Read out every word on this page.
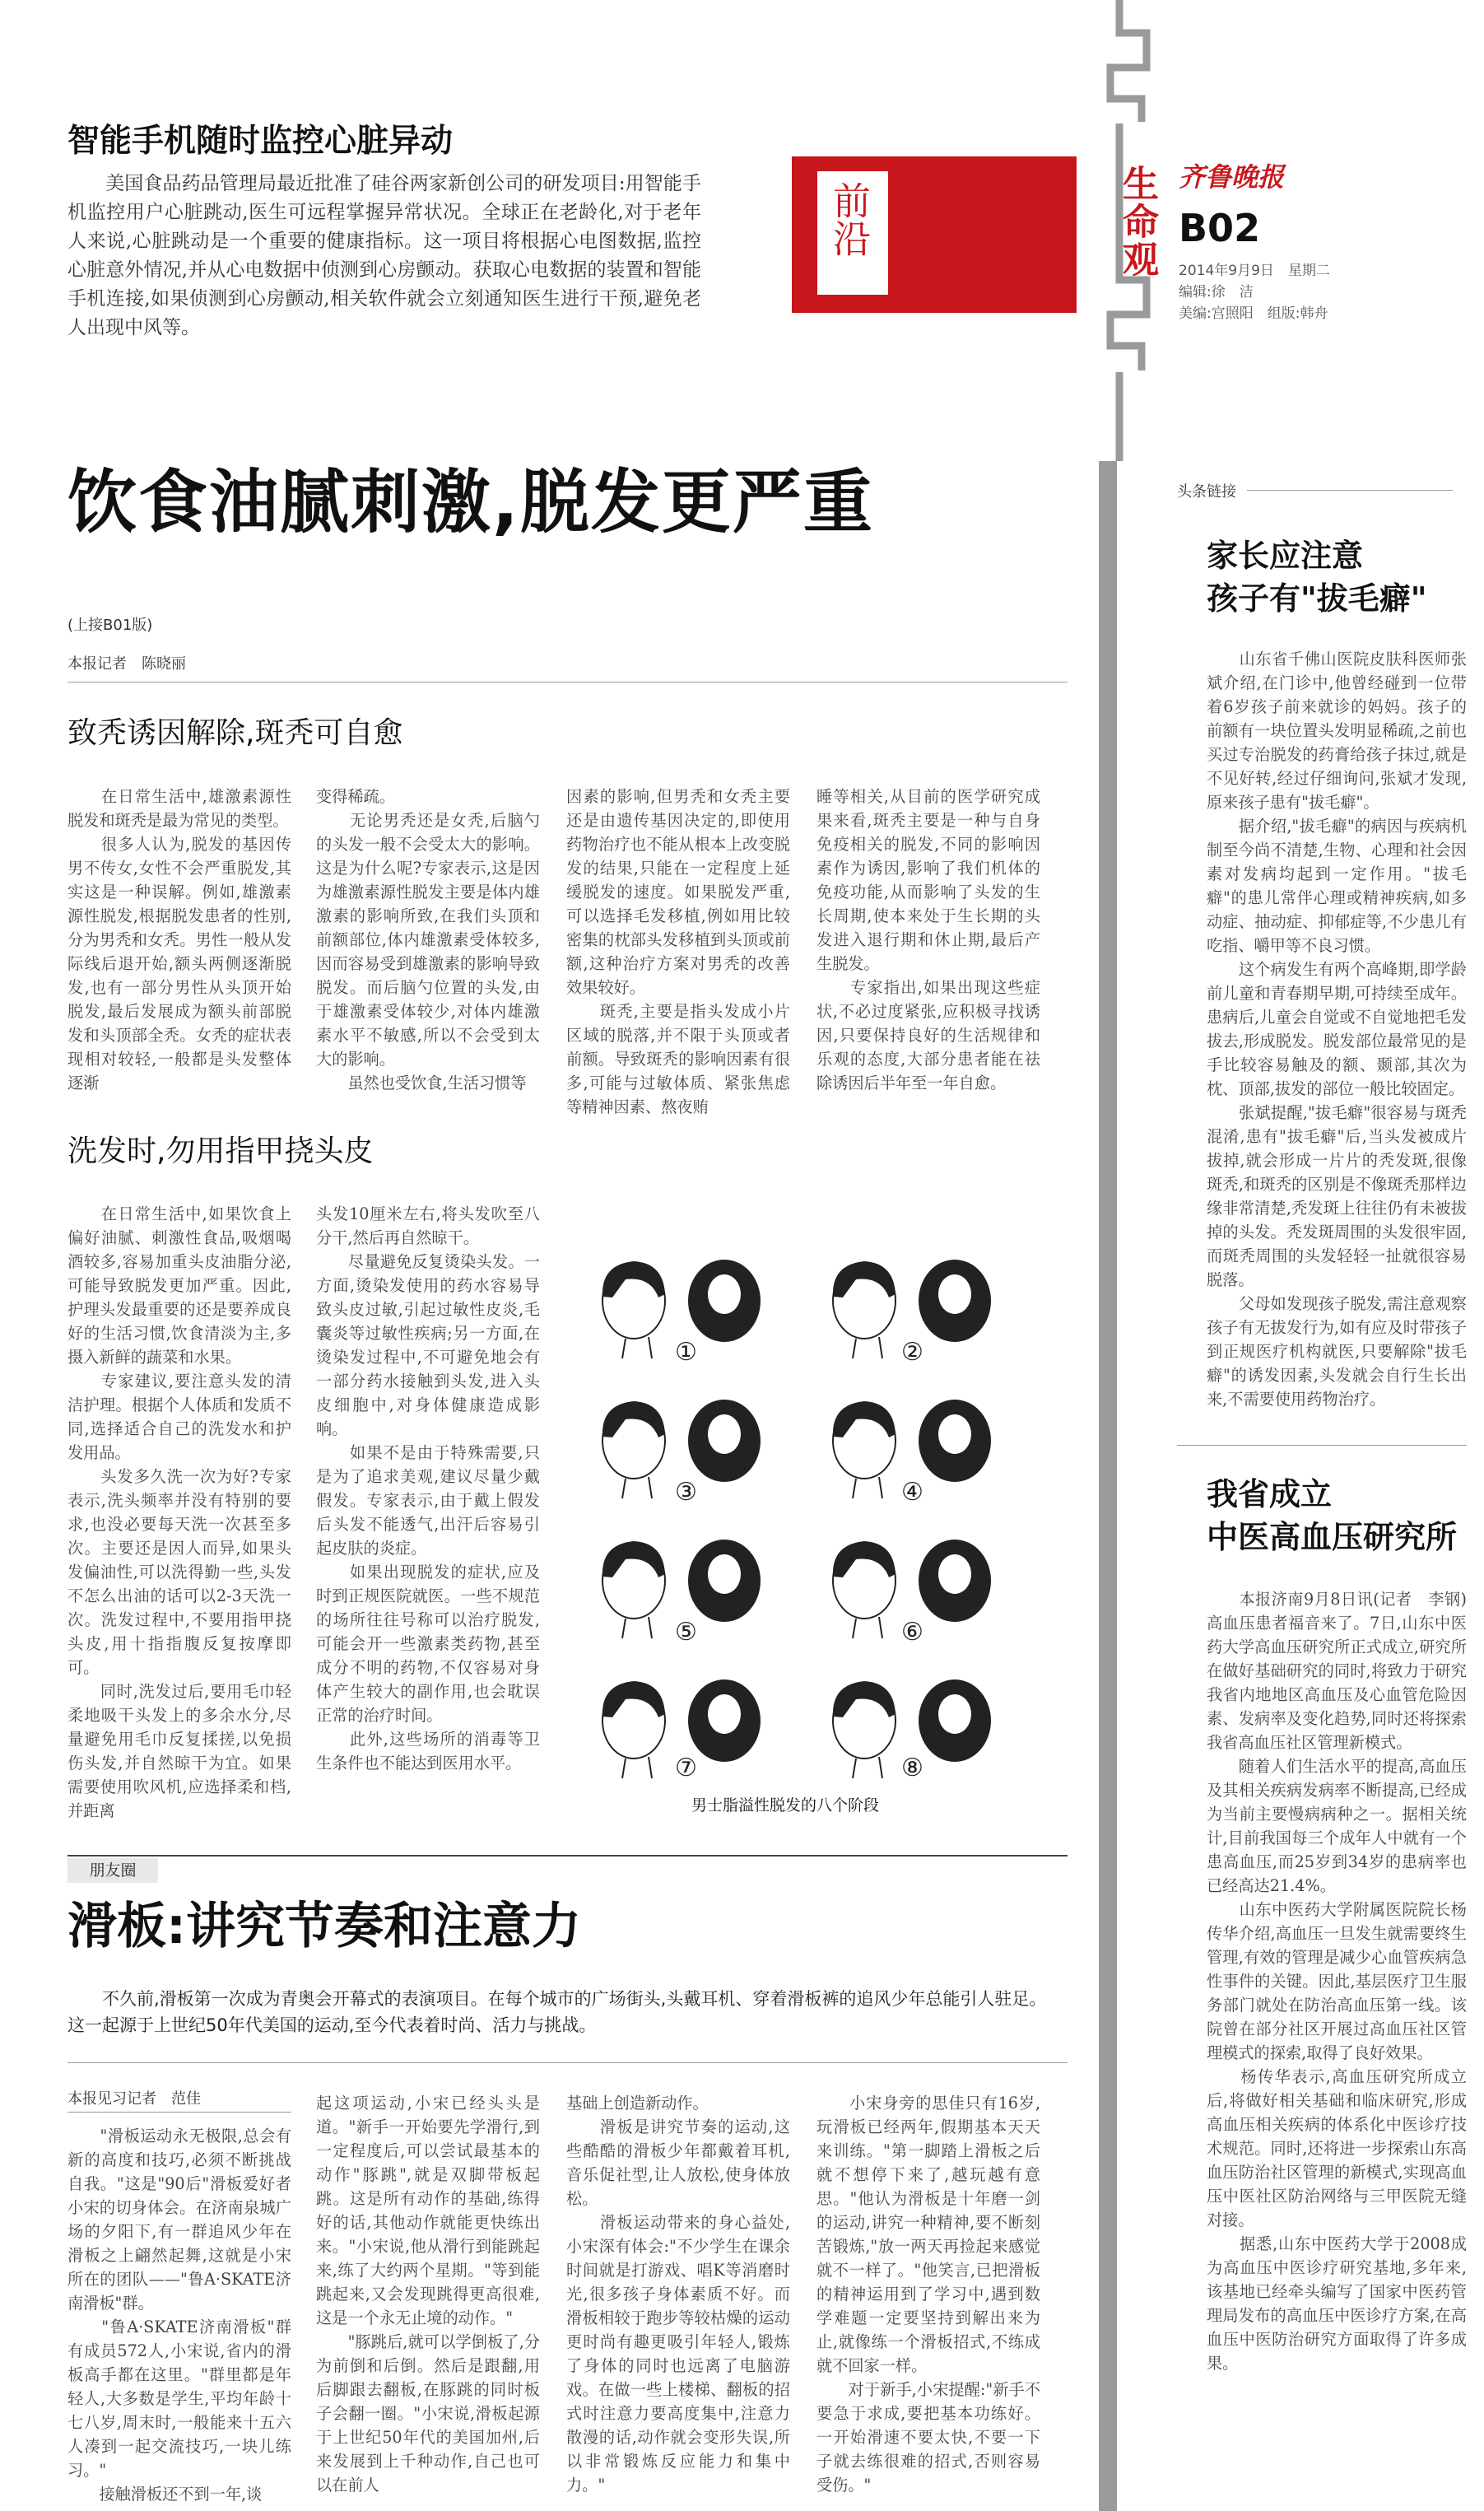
生命观 齐鲁晚报
B02
2014年9月9日　星期二
编辑:徐　洁
美编:宫照阳　组版:韩舟
智能手机随时监控心脏异动

　　美国食品药品管理局最近批准了硅谷两家新创公司的研发项目:用智能手机监控用户心脏跳动,医生可远程掌握异常状况。全球正在老龄化,对于老年人来说,心脏跳动是一个重要的健康指标。这一项目将根据心电图数据,监控心脏意外情况,并从心电数据中侦测到心房颤动。获取心电数据的装置和智能手机连接,如果侦测到心房颤动,相关软件就会立刻通知医生进行干预,避免老人出现中风等。

前沿
饮食油腻刺激,脱发更严重
(上接B01版)
本报记者　陈晓丽
致秃诱因解除,斑秃可自愈

　　在日常生活中,雄激素源性脱发和斑秃是最为常见的类型。
　　很多人认为,脱发的基因传男不传女,女性不会严重脱发,其实这是一种误解。例如,雄激素源性脱发,根据脱发患者的性别,分为男秃和女秃。男性一般从发际线后退开始,额头两侧逐渐脱发,也有一部分男性从头顶开始脱发,最后发展成为额头前部脱发和头顶部全秃。女秃的症状表现相对较轻,一般都是头发整体逐渐

变得稀疏。
　　无论男秃还是女秃,后脑勺的头发一般不会受太大的影响。这是为什么呢?专家表示,这是因为雄激素源性脱发主要是体内雄激素的影响所致,在我们头顶和前额部位,体内雄激素受体较多,因而容易受到雄激素的影响导致脱发。而后脑勺位置的头发,由于雄激素受体较少,对体内雄激素水平不敏感,所以不会受到太大的影响。
　　虽然也受饮食,生活习惯等

因素的影响,但男秃和女秃主要还是由遗传基因决定的,即使用药物治疗也不能从根本上改变脱发的结果,只能在一定程度上延缓脱发的速度。如果脱发严重,可以选择毛发移植,例如用比较密集的枕部头发移植到头顶或前额,这种治疗方案对男秃的改善效果较好。
　　斑秃,主要是指头发成小片区域的脱落,并不限于头顶或者前额。导致斑秃的影响因素有很多,可能与过敏体质、紧张焦虑等精神因素、熬夜贿

睡等相关,从目前的医学研究成果来看,斑秃主要是一种与自身免疫相关的脱发,不同的影响因素作为诱因,影响了我们机体的免疫功能,从而影响了头发的生长周期,使本来处于生长期的头发进入退行期和休止期,最后产生脱发。
　　专家指出,如果出现这些症状,不必过度紧张,应积极寻找诱因,只要保持良好的生活规律和乐观的态度,大部分患者能在祛除诱因后半年至一年自愈。

洗发时,勿用指甲挠头皮

　　在日常生活中,如果饮食上偏好油腻、刺激性食品,吸烟喝酒较多,容易加重头皮油脂分泌,可能导致脱发更加严重。因此,护理头发最重要的还是要养成良好的生活习惯,饮食清淡为主,多摄入新鲜的蔬菜和水果。
　　专家建议,要注意头发的清洁护理。根据个人体质和发质不同,选择适合自己的洗发水和护发用品。
　　头发多久洗一次为好?专家表示,洗头频率并没有特别的要求,也没必要每天洗一次甚至多次。主要还是因人而异,如果头发偏油性,可以洗得勤一些,头发不怎么出油的话可以2-3天洗一次。洗发过程中,不要用指甲挠头皮,用十指指腹反复按摩即可。
　　同时,洗发过后,要用毛巾轻柔地吸干头发上的多余水分,尽量避免用毛巾反复揉搓,以免损伤头发,并自然晾干为宜。如果需要使用吹风机,应选择柔和档,并距离

头发10厘米左右,将头发吹至八分干,然后再自然晾干。
　　尽量避免反复烫染头发。一方面,烫染发使用的药水容易导致头皮过敏,引起过敏性皮炎,毛囊炎等过敏性疾病;另一方面,在烫染发过程中,不可避免地会有一部分药水接触到头发,进入头皮细胞中,对身体健康造成影响。
　　如果不是由于特殊需要,只是为了追求美观,建议尽量少戴假发。专家表示,由于戴上假发后头发不能透气,出汗后容易引起皮肤的炎症。
　　如果出现脱发的症状,应及时到正规医院就医。一些不规范的场所往往号称可以治疗脱发,可能会开一些激素类药物,甚至成分不明的药物,不仅容易对身体产生较大的副作用,也会耽误正常的治疗时间。
　　此外,这些场所的消毒等卫生条件也不能达到医用水平。

①	②
③	④
⑤	⑥
⑦	⑧
男士脂溢性脱发的八个阶段
朋友圈
滑板:讲究节奏和注意力

　　不久前,滑板第一次成为青奥会开幕式的表演项目。在每个城市的广场街头,头戴耳机、穿着滑板裤的追风少年总能引人驻足。这一起源于上世纪50年代美国的运动,至今代表着时尚、活力与挑战。

本报见习记者　范佳

　　"滑板运动永无极限,总会有新的高度和技巧,必须不断挑战自我。"这是"90后"滑板爱好者小宋的切身体会。在济南泉城广场的夕阳下,有一群追风少年在滑板之上翩然起舞,这就是小宋所在的团队——"鲁A·SKATE济南滑板"群。
　　"鲁A·SKATE济南滑板"群有成员572人,小宋说,省内的滑板高手都在这里。"群里都是年轻人,大多数是学生,平均年龄十七八岁,周末时,一般能来十五六人凑到一起交流技巧,一块儿练习。"
　　接触滑板还不到一年,谈

起这项运动,小宋已经头头是道。"新手一开始要先学滑行,到一定程度后,可以尝试最基本的动作"豚跳",就是双脚带板起跳。这是所有动作的基础,练得好的话,其他动作就能更快练出来。"小宋说,他从滑行到能跳起来,练了大约两个星期。"等到能跳起来,又会发现跳得更高很难,这是一个永无止境的动作。"
　　"豚跳后,就可以学倒板了,分为前倒和后倒。然后是跟翻,用后脚跟去翻板,在豚跳的同时板子会翻一圈。"小宋说,滑板起源于上世纪50年代的美国加州,后来发展到上千种动作,自己也可以在前人

基础上创造新动作。
　　滑板是讲究节奏的运动,这些酷酷的滑板少年都戴着耳机,音乐促社型,让人放松,使身体放松。
　　滑板运动带来的身心益处,小宋深有体会:"不少学生在课余时间就是打游戏、唱K等消磨时光,很多孩子身体素质不好。而滑板相较于跑步等较枯燥的运动更时尚有趣更吸引年轻人,锻炼了身体的同时也远离了电脑游戏。在做一些上楼梯、翻板的招式时注意力要高度集中,注意力散漫的话,动作就会变形失误,所以非常锻炼反应能力和集中力。"

　　小宋身旁的思佳只有16岁,玩滑板已经两年,假期基本天天来训练。"第一脚踏上滑板之后就不想停下来了,越玩越有意思。"他认为滑板是十年磨一剑的运动,讲究一种精神,要不断刻苦锻炼,"放一两天再捡起来感觉就不一样了。"他笑言,已把滑板的精神运用到了学习中,遇到数学难题一定要坚持到解出来为止,就像练一个滑板招式,不练成就不回家一样。
　　对于新手,小宋提醒:"新手不要急于求成,要把基本功练好。一开始滑速不要太快,不要一下子就去练很难的招式,否则容易受伤。"

头条链接
家长应注意
孩子有"拔毛癖"

　　山东省千佛山医院皮肤科医师张斌介绍,在门诊中,他曾经碰到一位带着6岁孩子前来就诊的妈妈。孩子的前额有一块位置头发明显稀疏,之前也买过专治脱发的药膏给孩子抹过,就是不见好转,经过仔细询问,张斌才发现,原来孩子患有"拔毛癖"。
　　据介绍,"拔毛癖"的病因与疾病机制至今尚不清楚,生物、心理和社会因素对发病均起到一定作用。"拔毛癖"的患儿常伴心理或精神疾病,如多动症、抽动症、抑郁症等,不少患儿有吃指、嚼甲等不良习惯。
　　这个病发生有两个高峰期,即学龄前儿童和青春期早期,可持续至成年。患病后,儿童会自觉或不自觉地把毛发拔去,形成脱发。脱发部位最常见的是手比较容易触及的额、颞部,其次为枕、顶部,拔发的部位一般比较固定。
　　张斌提醒,"拔毛癖"很容易与斑秃混淆,患有"拔毛癖"后,当头发被成片拔掉,就会形成一片片的秃发斑,很像斑秃,和斑秃的区别是不像斑秃那样边缘非常清楚,秃发斑上往往仍有未被拔掉的头发。秃发斑周围的头发很牢固,而斑秃周围的头发轻轻一扯就很容易脱落。
　　父母如发现孩子脱发,需注意观察孩子有无拔发行为,如有应及时带孩子到正规医疗机构就医,只要解除"拔毛癖"的诱发因素,头发就会自行生长出来,不需要使用药物治疗。

我省成立
中医高血压研究所

　　本报济南9月8日讯(记者　李钢)　高血压患者福音来了。7日,山东中医药大学高血压研究所正式成立,研究所在做好基础研究的同时,将致力于研究我省内地地区高血压及心血管危险因素、发病率及变化趋势,同时还将探索我省高血压社区管理新模式。
　　随着人们生活水平的提高,高血压及其相关疾病发病率不断提高,已经成为当前主要慢病病种之一。据相关统计,目前我国每三个成年人中就有一个患高血压,而25岁到34岁的患病率也已经高达21.4%。
　　山东中医药大学附属医院院长杨传华介绍,高血压一旦发生就需要终生管理,有效的管理是减少心血管疾病急性事件的关键。因此,基层医疗卫生服务部门就处在防治高血压第一线。该院曾在部分社区开展过高血压社区管理模式的探索,取得了良好效果。
　　杨传华表示,高血压研究所成立后,将做好相关基础和临床研究,形成高血压相关疾病的体系化中医诊疗技术规范。同时,还将进一步探索山东高血压防治社区管理的新模式,实现高血压中医社区防治网络与三甲医院无缝对接。
　　据悉,山东中医药大学于2008成为高血压中医诊疗研究基地,多年来,该基地已经牵头编写了国家中医药管理局发布的高血压中医诊疗方案,在高血压中医防治研究方面取得了许多成果。
